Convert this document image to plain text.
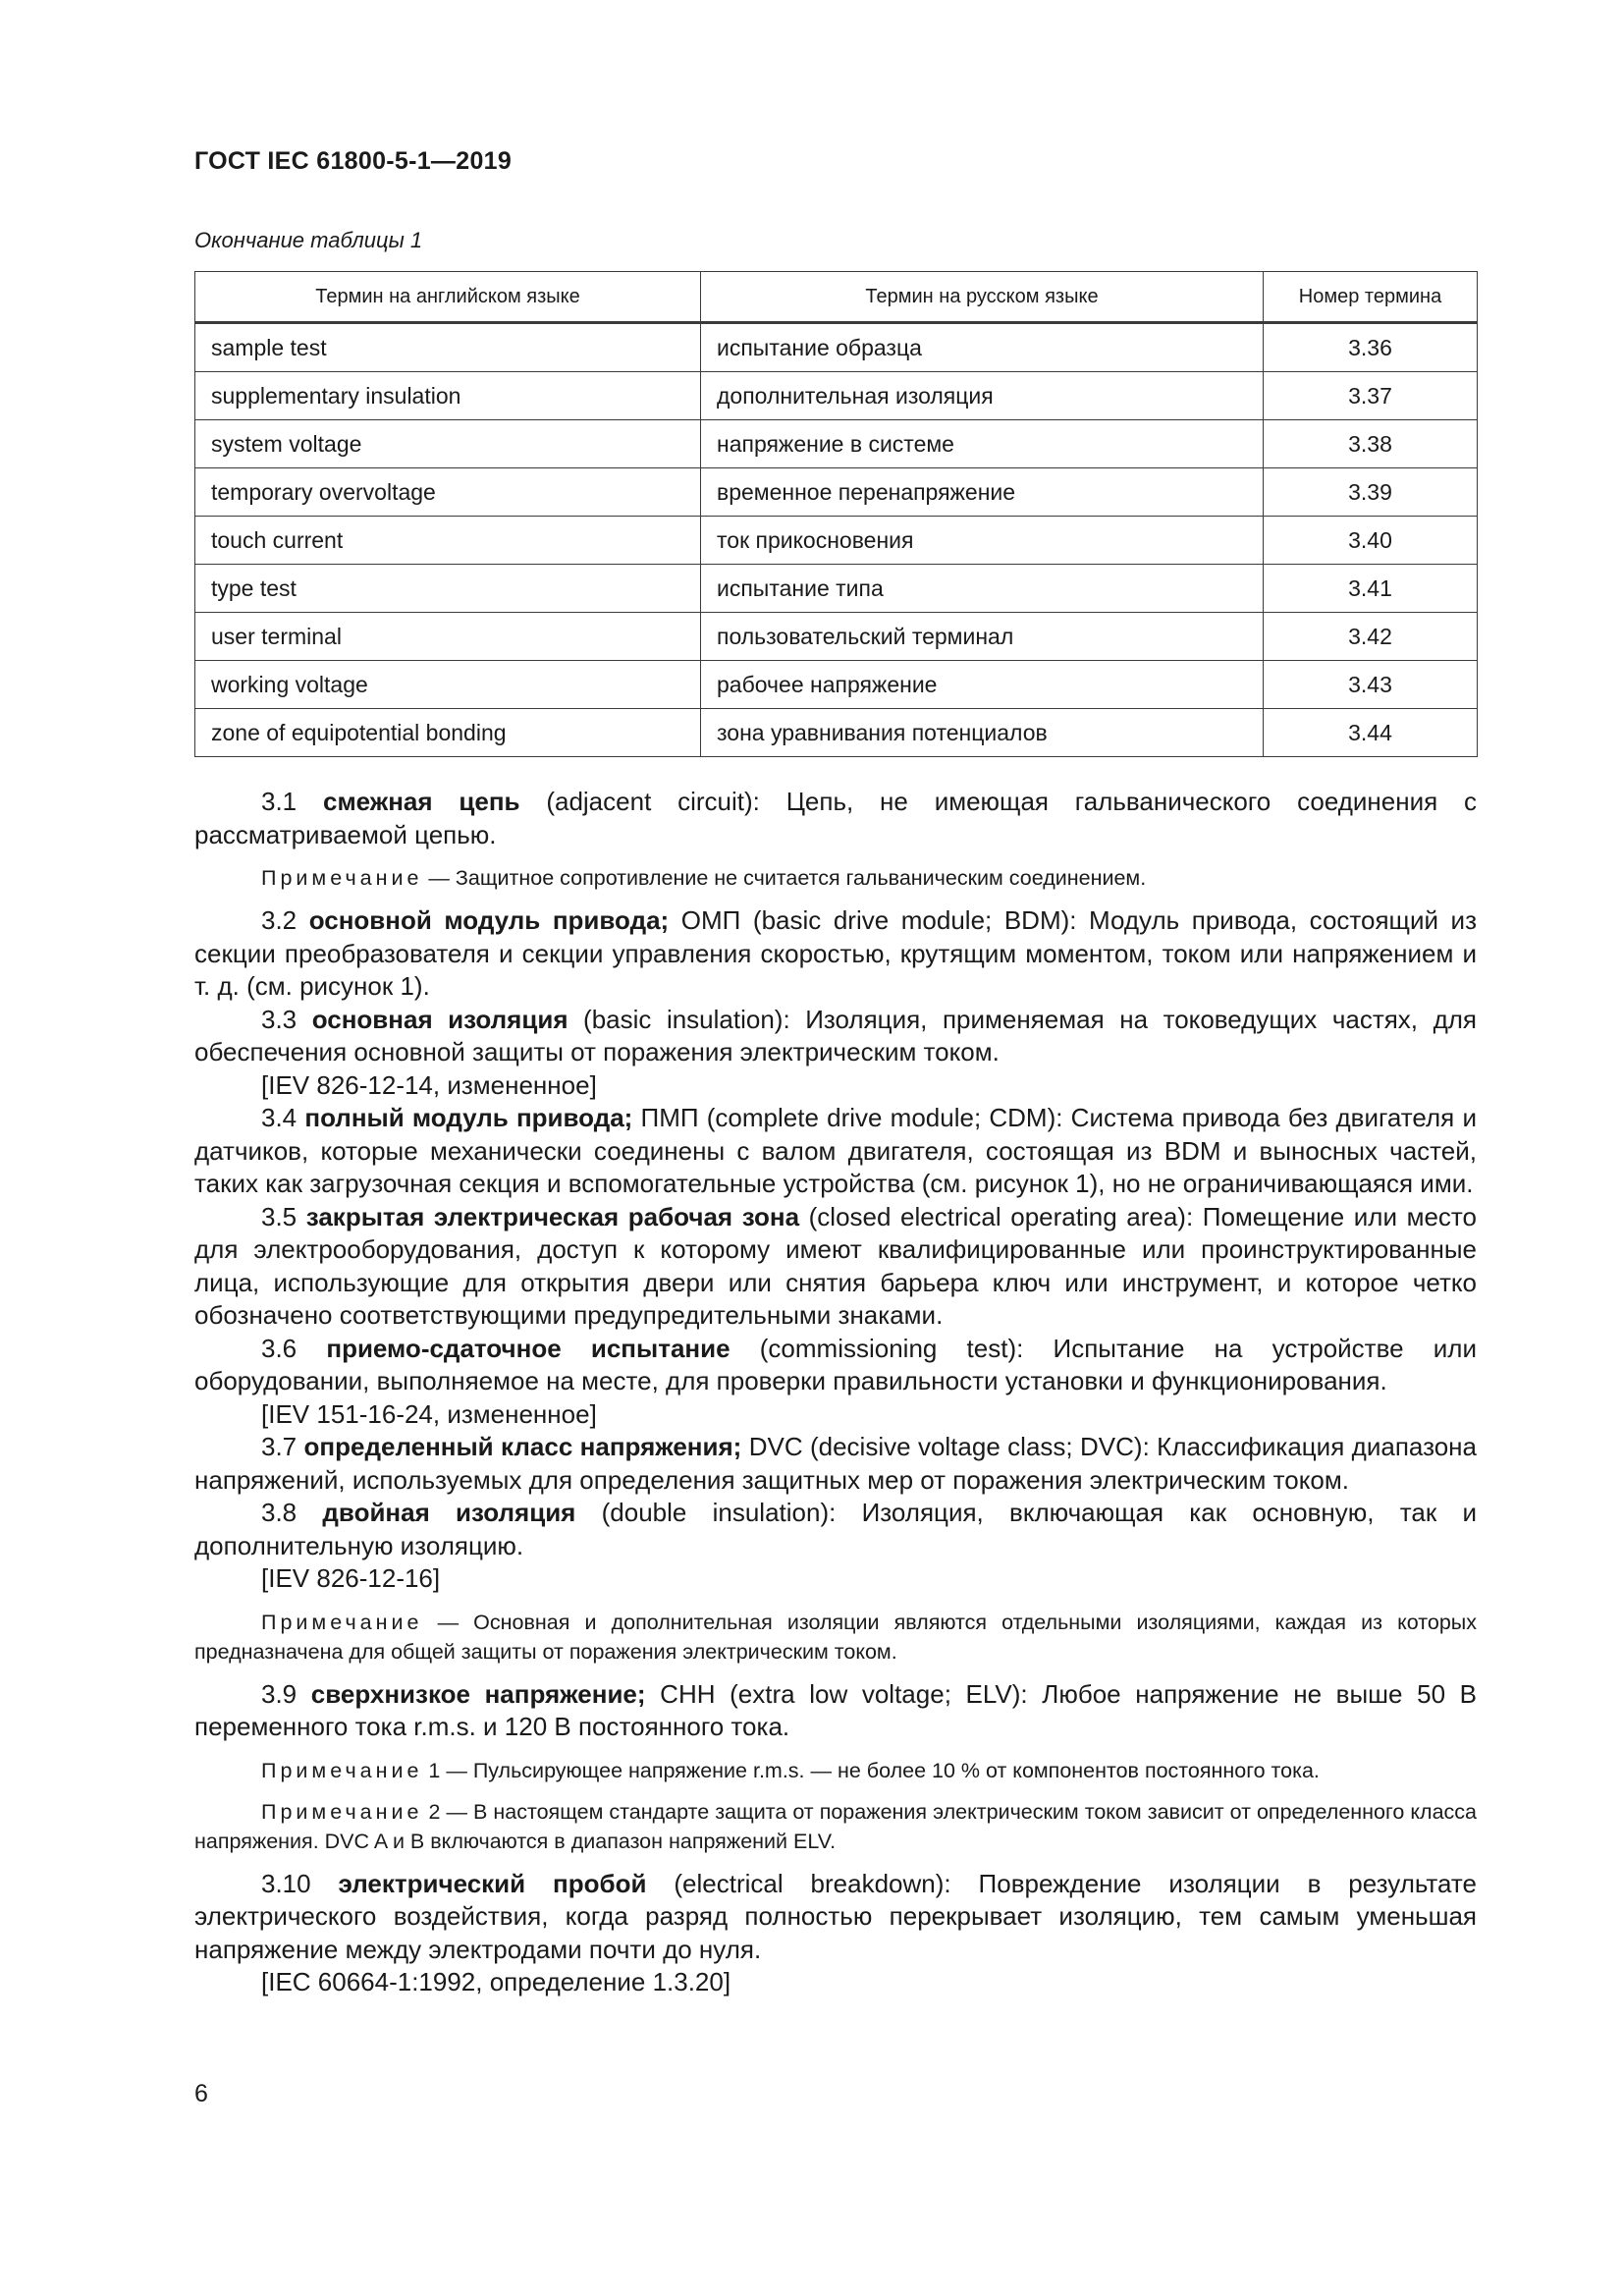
ГОСТ IEC 61800-5-1—2019
Окончание таблицы 1
Термин на английском языке	Термин на русском языке	Номер термина
sample test	испытание образца	3.36
supplementary insulation	дополнительная изоляция	3.37
system voltage	напряжение в системе	3.38
temporary overvoltage	временное перенапряжение	3.39
touch current	ток прикосновения	3.40
type test	испытание типа	3.41
user terminal	пользовательский терминал	3.42
working voltage	рабочее напряжение	3.43
zone of equipotential bonding	зона уравнивания потенциалов	3.44

3.1 смежная цепь (adjacent circuit): Цепь, не имеющая гальванического соединения с рассматриваемой цепью.

Примечание — Защитное сопротивление не считается гальваническим соединением.

3.2 основной модуль привода; ОМП (basic drive module; BDM): Модуль привода, состоящий из секции преобразователя и секции управления скоростью, крутящим моментом, током или напряжением и т. д. (см. рисунок 1).

3.3 основная изоляция (basic insulation): Изоляция, применяемая на токоведущих частях, для обеспечения основной защиты от поражения электрическим током.

[IEV 826-12-14, измененное]

3.4 полный модуль привода; ПМП (complete drive module; CDM): Система привода без двигателя и датчиков, которые механически соединены с валом двигателя, состоящая из BDM и выносных частей, таких как загрузочная секция и вспомогательные устройства (см. рисунок 1), но не ограничивающаяся ими.

3.5 закрытая электрическая рабочая зона (closed electrical operating area): Помещение или место для электрооборудования, доступ к которому имеют квалифицированные или проинструктированные лица, использующие для открытия двери или снятия барьера ключ или инструмент, и которое четко обозначено соответствующими предупредительными знаками.

3.6 приемо-сдаточное испытание (commissioning test): Испытание на устройстве или оборудовании, выполняемое на месте, для проверки правильности установки и функционирования.

[IEV 151-16-24, измененное]

3.7 определенный класс напряжения; DVC (decisive voltage class; DVC): Классификация диапазона напряжений, используемых для определения защитных мер от поражения электрическим током.

3.8 двойная изоляция (double insulation): Изоляция, включающая как основную, так и дополнительную изоляцию.

[IEV 826-12-16]

Примечание — Основная и дополнительная изоляции являются отдельными изоляциями, каждая из которых предназначена для общей защиты от поражения электрическим током.

3.9 сверхнизкое напряжение; СНН (extra low voltage; ELV): Любое напряжение не выше 50 В переменного тока r.m.s. и 120 В постоянного тока.

Примечание 1 — Пульсирующее напряжение r.m.s. — не более 10 % от компонентов постоянного тока.

Примечание 2 — В настоящем стандарте защита от поражения электрическим током зависит от определенного класса напряжения. DVC A и B включаются в диапазон напряжений ELV.

3.10 электрический пробой (electrical breakdown): Повреждение изоляции в результате электрического воздействия, когда разряд полностью перекрывает изоляцию, тем самым уменьшая напряжение между электродами почти до нуля.

[IEC 60664-1:1992, определение 1.3.20]

6
